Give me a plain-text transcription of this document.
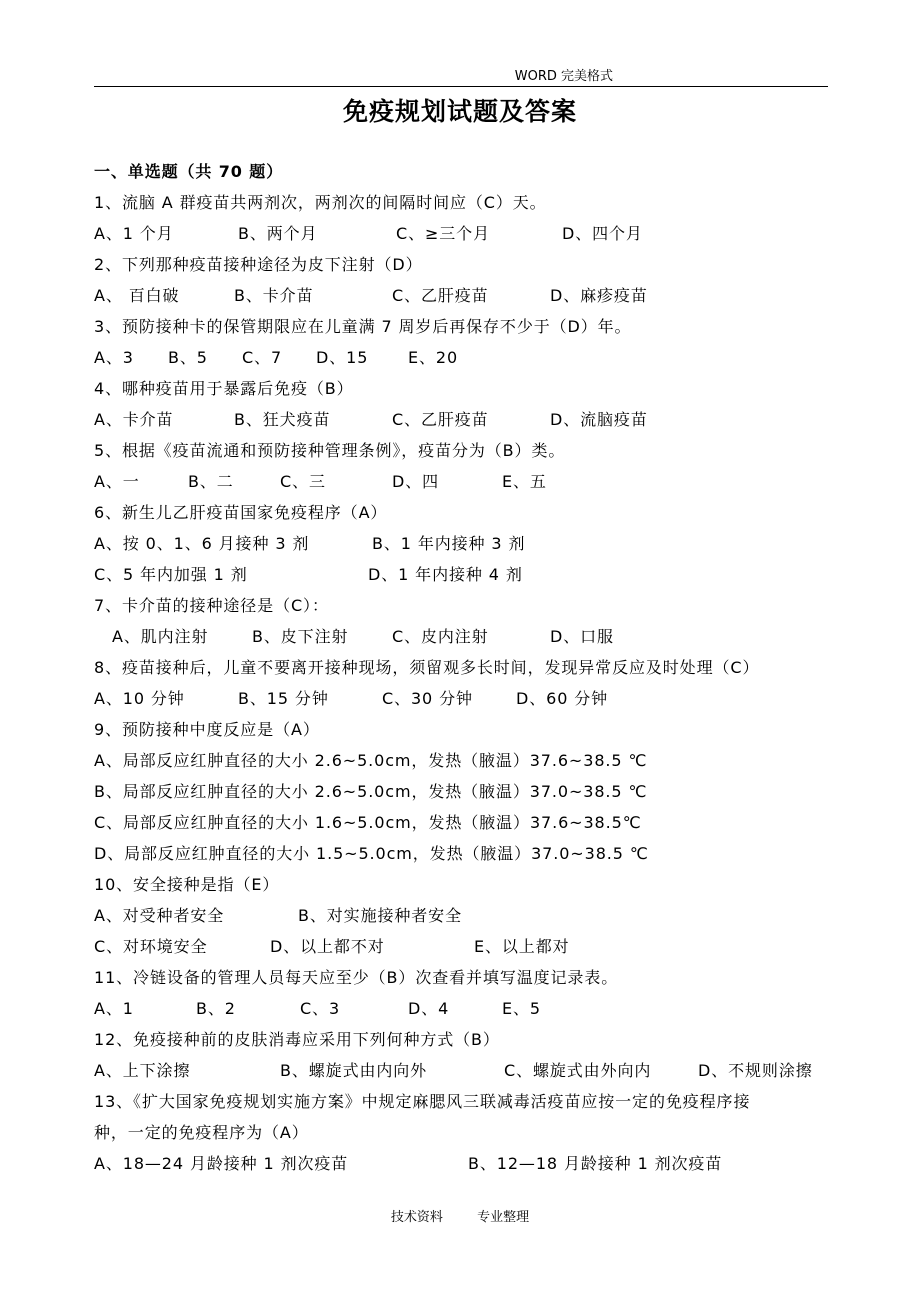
WORD 完美格式
免疫规划试题及答案
一、单选题（共 70 题）
1、流脑 A 群疫苗共两剂次，两剂次的间隔时间应（C）天。
A、1 个月	B、两个月	C、≥三个月	D、四个月
2、下列那种疫苗接种途径为皮下注射（D）
A、 百白破	B、卡介苗	C、乙肝疫苗	D、麻疹疫苗
3、预防接种卡的保管期限应在儿童满 7 周岁后再保存不少于（D）年。
A、3 B、5 C、7 D、15 E、20
4、哪种疫苗用于暴露后免疫（B）
A、卡介苗	B、狂犬疫苗	C、乙肝疫苗	D、流脑疫苗
5、根据《疫苗流通和预防接种管理条例》，疫苗分为（B）类。
A、一	B、二	C、三	D、四	E、五
6、新生儿乙肝疫苗国家免疫程序（A）
A、按 0、1、6 月接种 3 剂	B、1 年内接种 3 剂
C、5 年内加强 1 剂	D、1 年内接种 4 剂
7、卡介苗的接种途径是（C）：
A、肌内注射	B、皮下注射	C、皮内注射	D、口服
8、疫苗接种后，儿童不要离开接种现场，须留观多长时间，发现异常反应及时处理（C）
A、10 分钟	B、15 分钟	C、30 分钟	D、60 分钟
9、预防接种中度反应是（A）
A、局部反应红肿直径的大小 2.6~5.0cm，发热（腋温）37.6~38.5 ℃
B、局部反应红肿直径的大小 2.6~5.0cm，发热（腋温）37.0~38.5 ℃
C、局部反应红肿直径的大小 1.6~5.0cm，发热（腋温）37.6~38.5℃
D、局部反应红肿直径的大小 1.5~5.0cm，发热（腋温）37.0~38.5 ℃
10、安全接种是指（E）
A、对受种者安全	B、对实施接种者安全
C、对环境安全	D、以上都不对	E、以上都对
11、冷链设备的管理人员每天应至少（B）次查看并填写温度记录表。
A、1	B、2	C、3	D、4	E、5
12、免疫接种前的皮肤消毒应采用下列何种方式（B）
A、上下涂擦	B、螺旋式由内向外	C、螺旋式由外向内	D、不规则涂擦
13、《扩大国家免疫规划实施方案》中规定麻腮风三联减毒活疫苗应按一定的免疫程序接
种，一定的免疫程序为（A）
A、18—24 月龄接种 1 剂次疫苗	B、12—18 月龄接种 1 剂次疫苗
技术资料	专业整理
